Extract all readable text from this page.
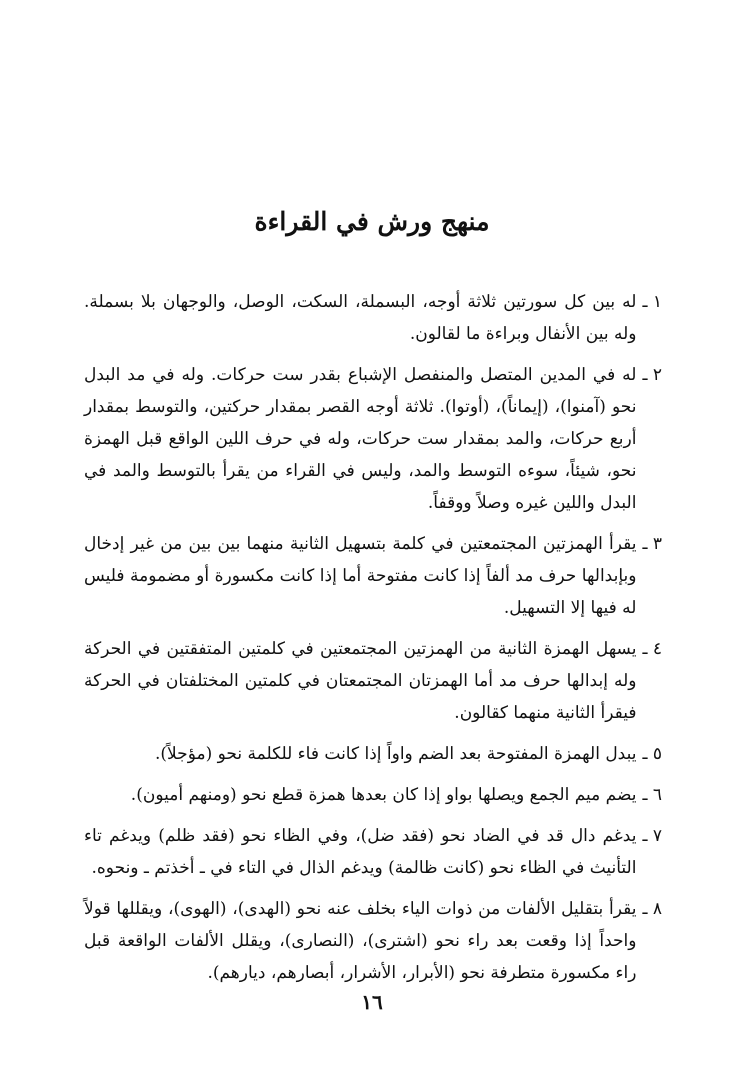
منهج ورش في القراءة
١ ـ

له بين كل سورتين ثلاثة أوجه، البسملة، السكت، الوصل، والوجهان بلا بسملة. وله بين الأنفال وبراءة ما لقالون.

٢ ـ

له في المدين المتصل والمنفصل الإشباع بقدر ست حركات. وله في مد البدل نحو (آمنوا)، (إيماناً)، (أوتوا). ثلاثة أوجه القصر بمقدار حركتين، والتوسط بمقدار أربع حركات، والمد بمقدار ست حركات، وله في حرف اللين الواقع قبل الهمزة نحو، شيئاً، سوءه التوسط والمد، وليس في القراء من يقرأ بالتوسط والمد في البدل واللين غيره وصلاً ووقفاً.

٣ ـ

يقرأ الهمزتين المجتمعتين في كلمة بتسهيل الثانية منهما بين بين من غير إدخال وبإبدالها حرف مد ألفاً إذا كانت مفتوحة أما إذا كانت مكسورة أو مضمومة فليس له فيها إلا التسهيل.

٤ ـ

يسهل الهمزة الثانية من الهمزتين المجتمعتين في كلمتين المتفقتين في الحركة وله إبدالها حرف مد أما الهمزتان المجتمعتان في كلمتين المختلفتان في الحركة فيقرأ الثانية منهما كقالون.

٥ ـ

يبدل الهمزة المفتوحة بعد الضم واواً إذا كانت فاء للكلمة نحو (مؤجلاً).

٦ ـ

يضم ميم الجمع ويصلها بواو إذا كان بعدها همزة قطع نحو (ومنهم أميون).

٧ ـ

يدغم دال قد في الضاد نحو (فقد ضل)، وفي الظاء نحو (فقد ظلم) ويدغم تاء التأنيث في الظاء نحو (كانت ظالمة) ويدغم الذال في التاء في ـ أخذتم ـ ونحوه.

٨ ـ

يقرأ بتقليل الألفات من ذوات الياء بخلف عنه نحو (الهدى)، (الهوى)، ويقللها قولاً واحداً إذا وقعت بعد راء نحو (اشترى)، (النصارى)، ويقلل الألفات الواقعة قبل راء مكسورة متطرفة نحو (الأبرار، الأشرار، أبصارهم، ديارهم).

١٦
